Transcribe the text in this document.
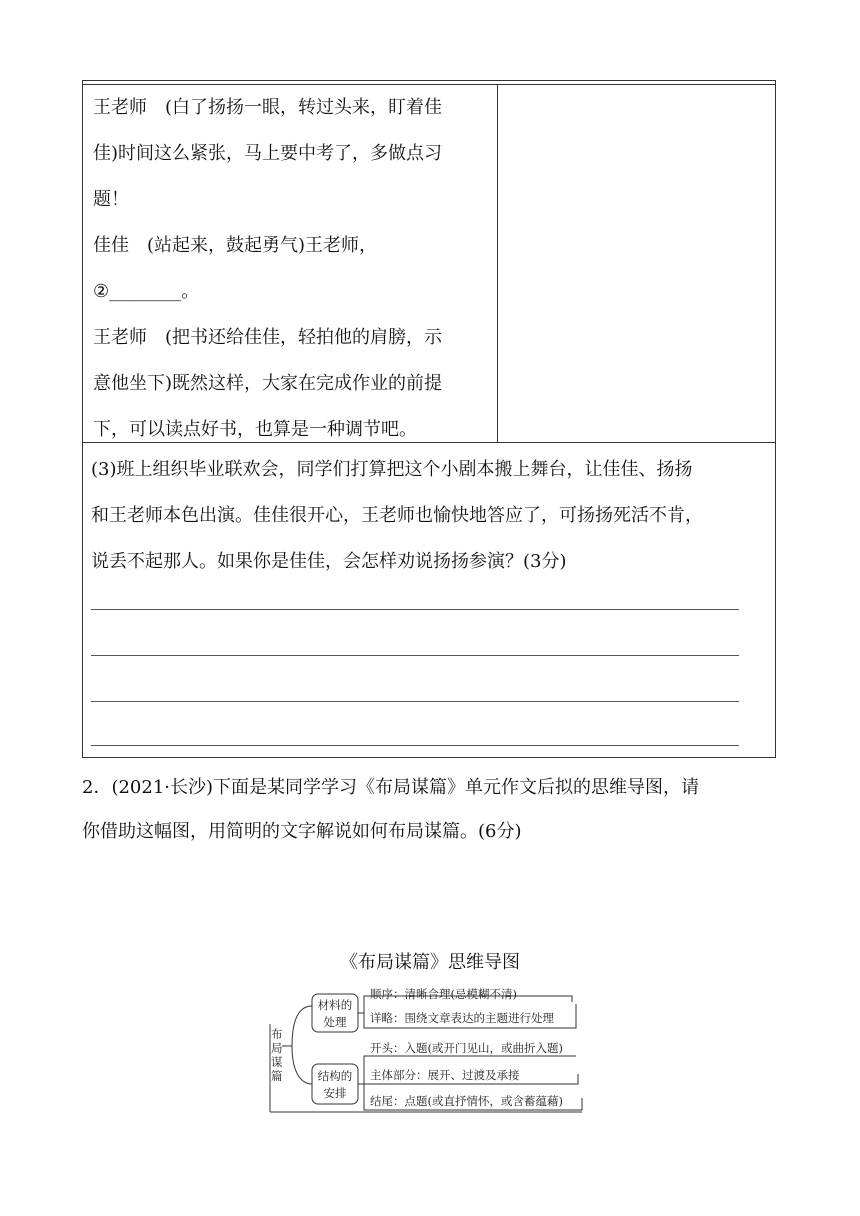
王老师　(白了扬扬一眼，转过头来，盯着佳

佳)时间这么紧张，马上要中考了，多做点习

题！

佳佳　(站起来，鼓起勇气)王老师，

②________。

王老师　(把书还给佳佳，轻拍他的肩膀，示

意他坐下)既然这样，大家在完成作业的前提

下，可以读点好书，也算是一种调节吧。

(3)班上组织毕业联欢会，同学们打算把这个小剧本搬上舞台，让佳佳、扬扬

和王老师本色出演。佳佳很开心，王老师也愉快地答应了，可扬扬死活不肯，

说丢不起那人。如果你是佳佳，会怎样劝说扬扬参演？(3分)

2．(2021·长沙)下面是某同学学习《布局谋篇》单元作文后拟的思维导图，请

你借助这幅图，用简明的文字解说如何布局谋篇。(6分)

《布局谋篇》思维导图
布 局 谋 篇
材料的
处理
结构的
安排
顺序：清晰合理(忌模糊不清)
详略：围绕文章表达的主题进行处理
开头：入题(或开门见山，或曲折入题)
主体部分：展开、过渡及承接
结尾：点题(或直抒情怀，或含蓄蕴藉)
